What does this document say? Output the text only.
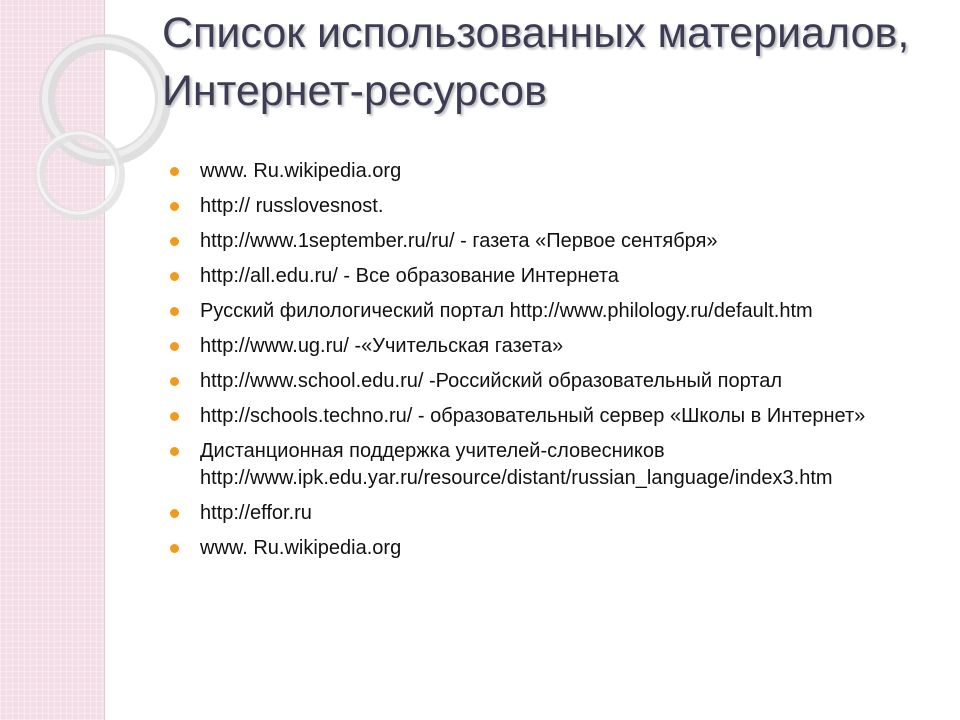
Список использованных материалов, Интернет-ресурсов
www. Ru.wikipedia.org
http:// russlovesnost.
http://www.1september.ru/ru/ - газета «Первое сентября»
http://all.edu.ru/ - Все образование Интернета
Русский филологический портал http://www.philology.ru/default.htm
http://www.ug.ru/ -«Учительская газета»
http://www.school.edu.ru/ -Российский образовательный портал
http://schools.techno.ru/ - образовательный сервер «Школы в Интернет»
Дистанционная поддержка учителей-словесников http://www.ipk.edu.yar.ru/resource/distant/russian_language/index3.htm
http://effor.ru
www. Ru.wikipedia.org
